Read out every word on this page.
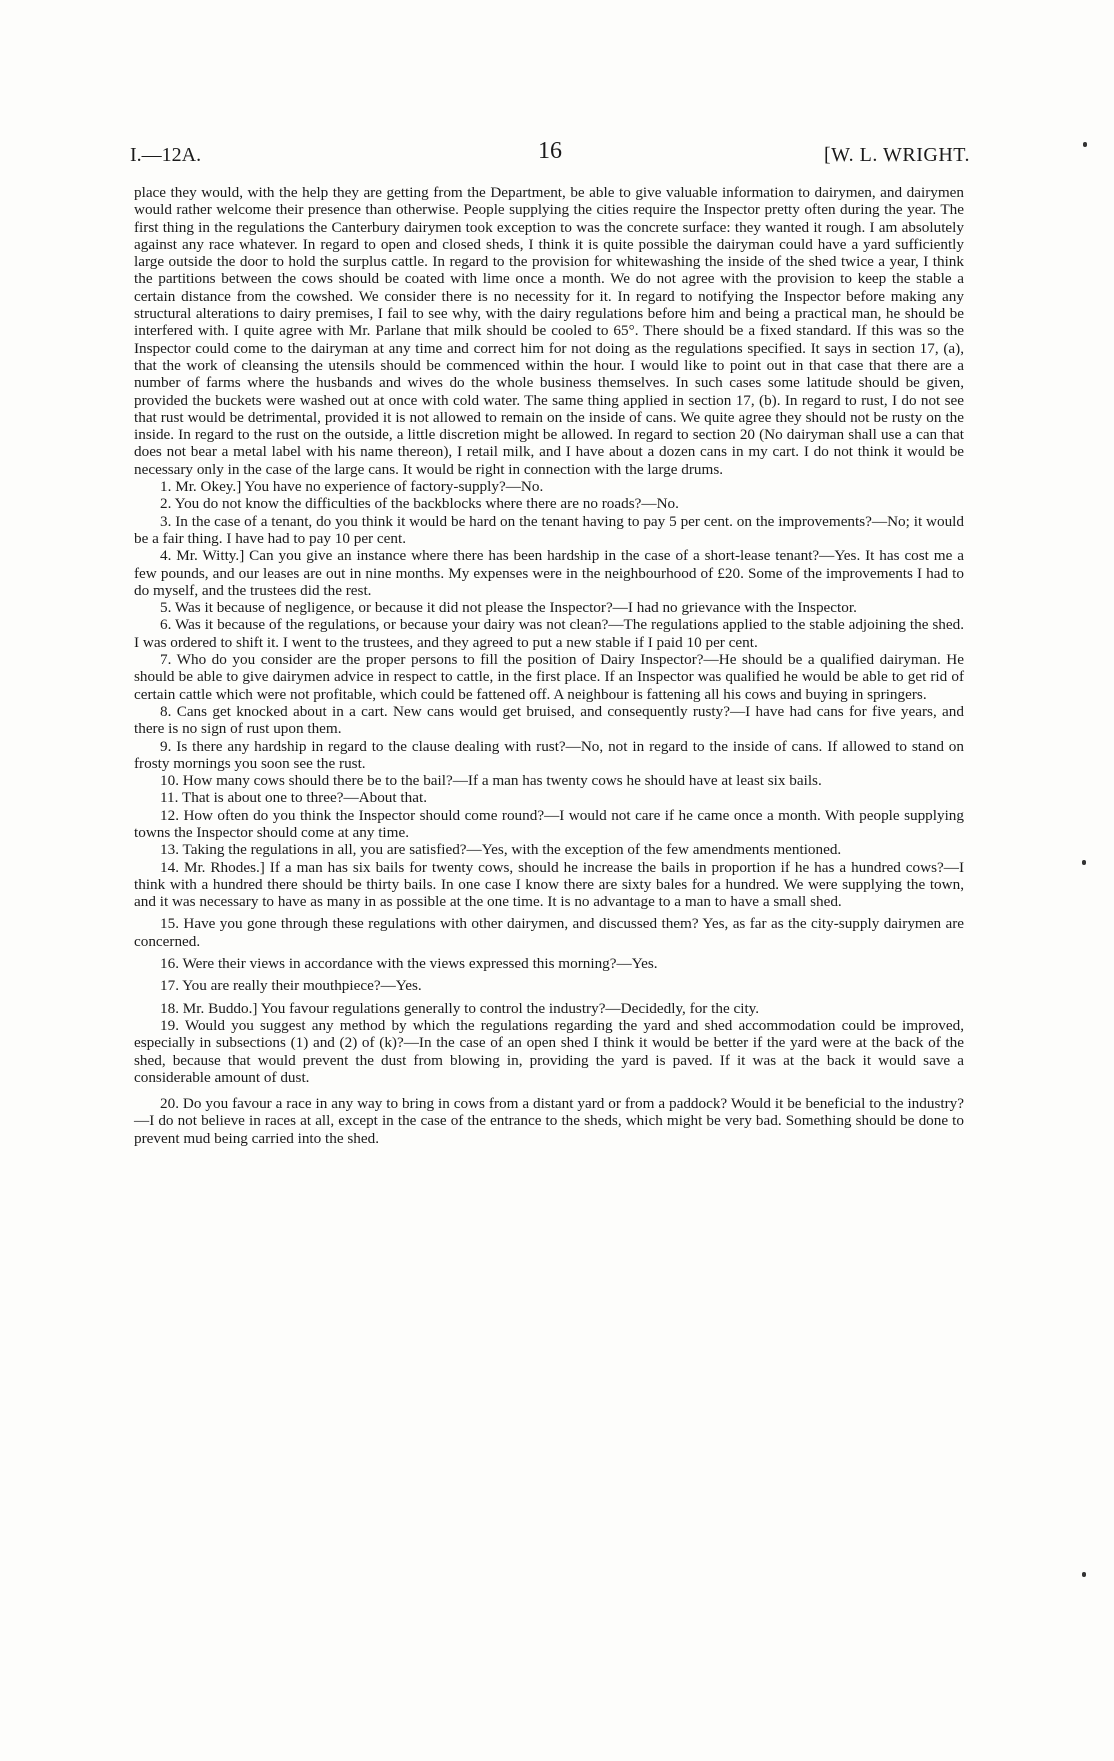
I.—12A.	16	[W. L. WRIGHT.

place they would, with the help they are getting from the Department, be able to give valuable information to dairymen, and dairymen would rather welcome their presence than otherwise. People supplying the cities require the Inspector pretty often during the year. The first thing in the regulations the Canterbury dairymen took exception to was the concrete surface: they wanted it rough. I am absolutely against any race whatever. In regard to open and closed sheds, I think it is quite possible the dairyman could have a yard sufficiently large outside the door to hold the surplus cattle. In regard to the provision for whitewashing the inside of the shed twice a year, I think the partitions between the cows should be coated with lime once a month. We do not agree with the provision to keep the stable a certain distance from the cowshed. We consider there is no necessity for it. In regard to notifying the Inspector before making any structural alterations to dairy premises, I fail to see why, with the dairy regulations before him and being a practical man, he should be interfered with. I quite agree with Mr. Parlane that milk should be cooled to 65°. There should be a fixed standard. If this was so the Inspector could come to the dairyman at any time and correct him for not doing as the regulations specified. It says in section 17, (a), that the work of cleansing the utensils should be commenced within the hour. I would like to point out in that case that there are a number of farms where the husbands and wives do the whole business themselves. In such cases some latitude should be given, provided the buckets were washed out at once with cold water. The same thing applied in section 17, (b). In regard to rust, I do not see that rust would be detrimental, provided it is not allowed to remain on the inside of cans. We quite agree they should not be rusty on the inside. In regard to the rust on the outside, a little discretion might be allowed. In regard to section 20 (No dairyman shall use a can that does not bear a metal label with his name thereon), I retail milk, and I have about a dozen cans in my cart. I do not think it would be necessary only in the case of the large cans. It would be right in connection with the large drums.

1. Mr. Okey.] You have no experience of factory-supply?—No.

2. You do not know the difficulties of the backblocks where there are no roads?—No.

3. In the case of a tenant, do you think it would be hard on the tenant having to pay 5 per cent. on the improvements?—No; it would be a fair thing. I have had to pay 10 per cent.

4. Mr. Witty.] Can you give an instance where there has been hardship in the case of a short-lease tenant?—Yes. It has cost me a few pounds, and our leases are out in nine months. My expenses were in the neighbourhood of £20. Some of the improvements I had to do myself, and the trustees did the rest.

5. Was it because of negligence, or because it did not please the Inspector?—I had no grievance with the Inspector.

6. Was it because of the regulations, or because your dairy was not clean?—The regulations applied to the stable adjoining the shed. I was ordered to shift it. I went to the trustees, and they agreed to put a new stable if I paid 10 per cent.

7. Who do you consider are the proper persons to fill the position of Dairy Inspector?—He should be a qualified dairyman. He should be able to give dairymen advice in respect to cattle, in the first place. If an Inspector was qualified he would be able to get rid of certain cattle which were not profitable, which could be fattened off. A neighbour is fattening all his cows and buying in springers.

8. Cans get knocked about in a cart. New cans would get bruised, and consequently rusty?—I have had cans for five years, and there is no sign of rust upon them.

9. Is there any hardship in regard to the clause dealing with rust?—No, not in regard to the inside of cans. If allowed to stand on frosty mornings you soon see the rust.

10. How many cows should there be to the bail?—If a man has twenty cows he should have at least six bails.

11. That is about one to three?—About that.

12. How often do you think the Inspector should come round?—I would not care if he came once a month. With people supplying towns the Inspector should come at any time.

13. Taking the regulations in all, you are satisfied?—Yes, with the exception of the few amendments mentioned.

14. Mr. Rhodes.] If a man has six bails for twenty cows, should he increase the bails in proportion if he has a hundred cows?—I think with a hundred there should be thirty bails. In one case I know there are sixty bales for a hundred. We were supplying the town, and it was necessary to have as many in as possible at the one time. It is no advantage to a man to have a small shed.

15. Have you gone through these regulations with other dairymen, and discussed them? Yes, as far as the city-supply dairymen are concerned.

16. Were their views in accordance with the views expressed this morning?—Yes.

17. You are really their mouthpiece?—Yes.

18. Mr. Buddo.] You favour regulations generally to control the industry?—Decidedly, for the city.

19. Would you suggest any method by which the regulations regarding the yard and shed accommodation could be improved, especially in subsections (1) and (2) of (k)?—In the case of an open shed I think it would be better if the yard were at the back of the shed, because that would prevent the dust from blowing in, providing the yard is paved. If it was at the back it would save a considerable amount of dust.

20. Do you favour a race in any way to bring in cows from a distant yard or from a paddock? Would it be beneficial to the industry?—I do not believe in races at all, except in the case of the entrance to the sheds, which might be very bad. Something should be done to prevent mud being carried into the shed.
